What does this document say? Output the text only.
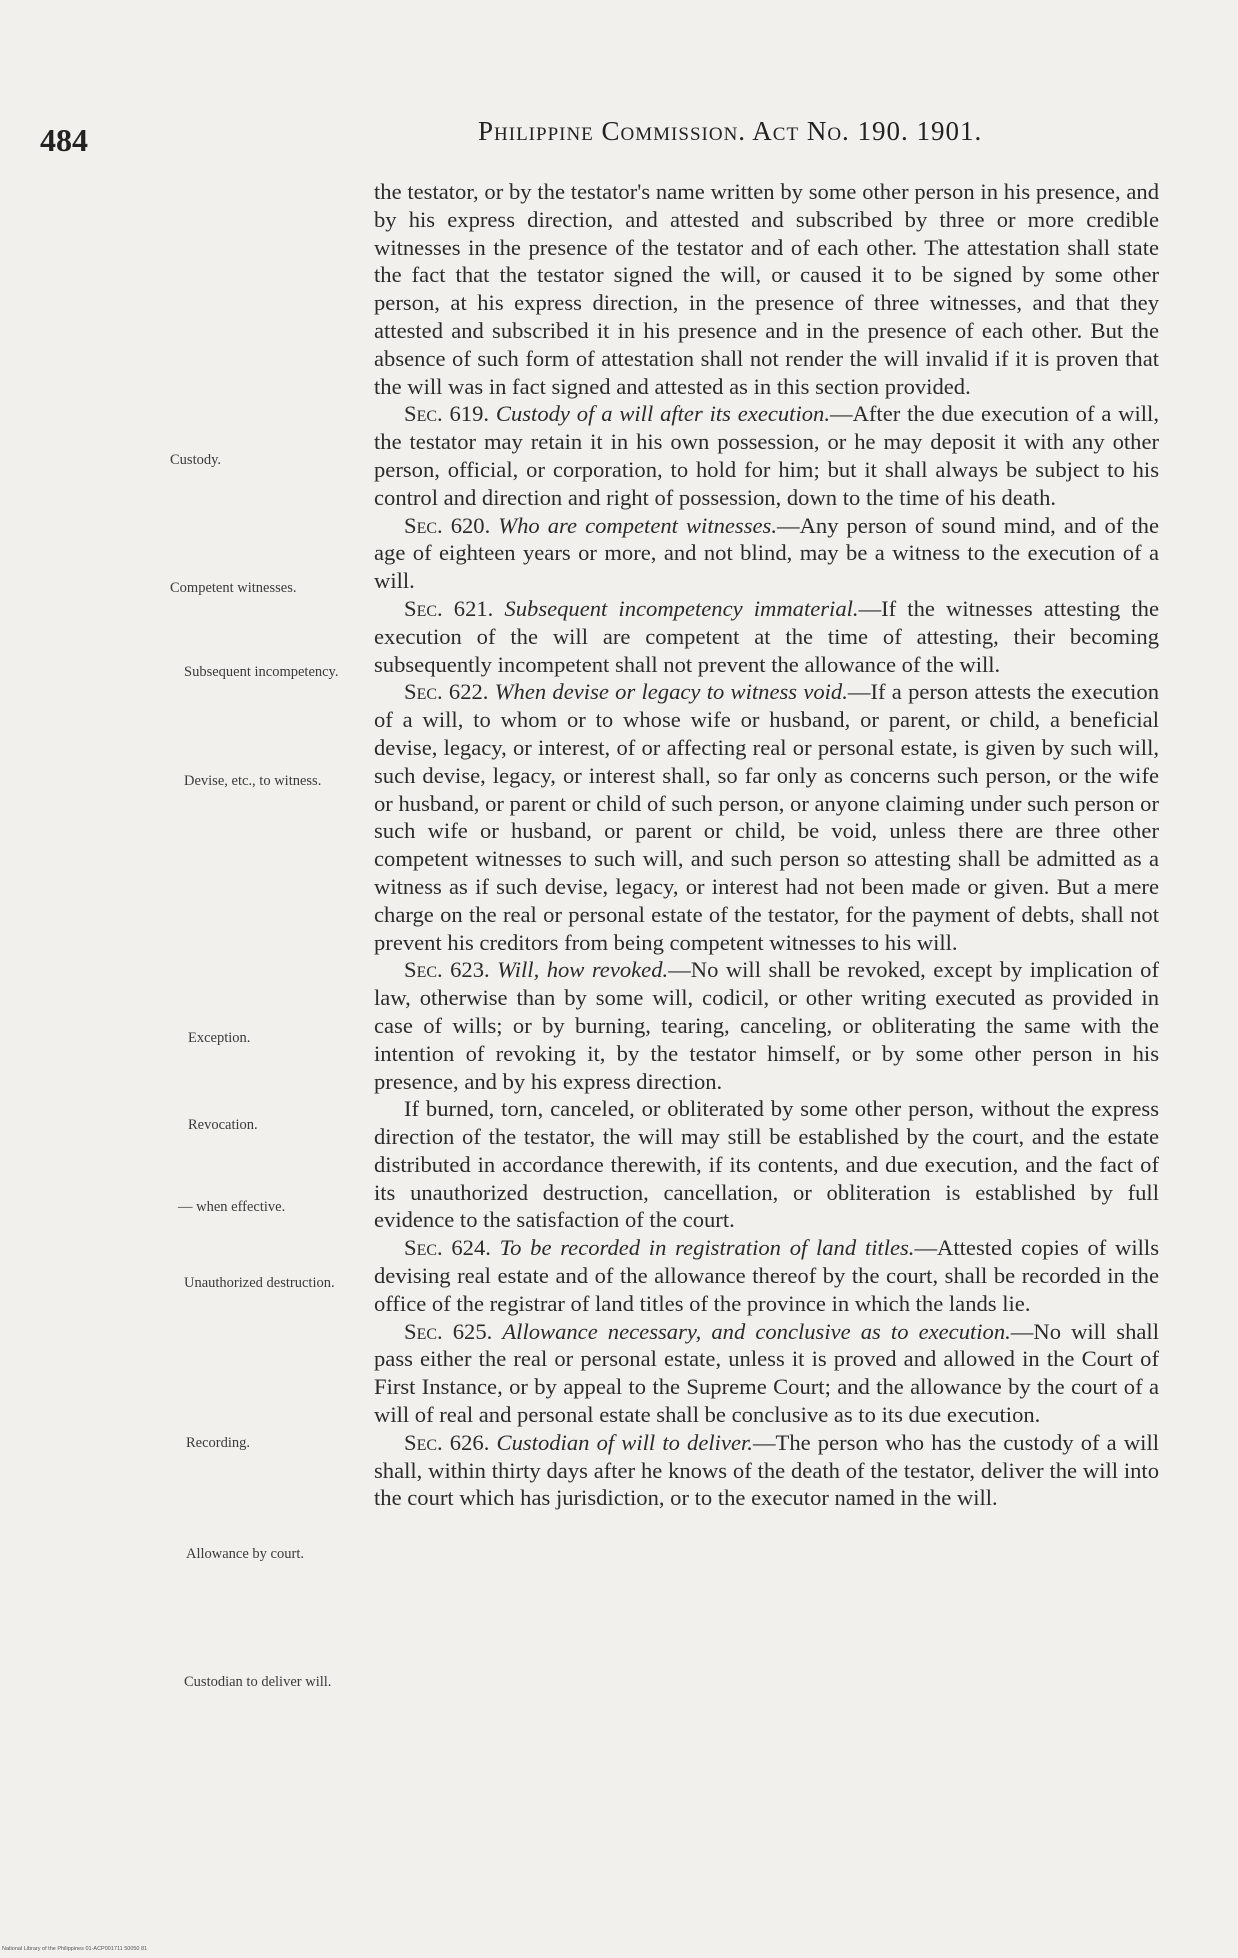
484	Philippine Commission. Act No. 190. 1901.
Custody.
Competent witnesses.
Subsequent incompetency.
Devise, etc., to witness.
Exception.
Revocation.
— when effective.
Unauthorized destruction.
Recording.
Allowance by court.
Custodian to deliver will.

the testator, or by the testator's name written by some other person in his presence, and by his express direction, and attested and subscribed by three or more credible witnesses in the presence of the testator and of each other. The attestation shall state the fact that the testator signed the will, or caused it to be signed by some other person, at his express direction, in the presence of three witnesses, and that they attested and subscribed it in his presence and in the presence of each other. But the absence of such form of attestation shall not render the will invalid if it is proven that the will was in fact signed and attested as in this section provided.

Sec. 619. Custody of a will after its execution.—After the due execution of a will, the testator may retain it in his own possession, or he may deposit it with any other person, official, or corporation, to hold for him; but it shall always be subject to his control and direction and right of possession, down to the time of his death.

Sec. 620. Who are competent witnesses.—Any person of sound mind, and of the age of eighteen years or more, and not blind, may be a witness to the execution of a will.

Sec. 621. Subsequent incompetency immaterial.—If the witnesses attesting the execution of the will are competent at the time of attesting, their becoming subsequently incompetent shall not prevent the allowance of the will.

Sec. 622. When devise or legacy to witness void.—If a person attests the execution of a will, to whom or to whose wife or husband, or parent, or child, a beneficial devise, legacy, or interest, of or affecting real or personal estate, is given by such will, such devise, legacy, or interest shall, so far only as concerns such person, or the wife or husband, or parent or child of such person, or anyone claiming under such person or such wife or husband, or parent or child, be void, unless there are three other competent witnesses to such will, and such person so attesting shall be admitted as a witness as if such devise, legacy, or interest had not been made or given. But a mere charge on the real or personal estate of the testator, for the payment of debts, shall not prevent his creditors from being competent witnesses to his will.

Sec. 623. Will, how revoked.—No will shall be revoked, except by implication of law, otherwise than by some will, codicil, or other writing executed as provided in case of wills; or by burning, tearing, canceling, or obliterating the same with the intention of revoking it, by the testator himself, or by some other person in his presence, and by his express direction.

If burned, torn, canceled, or obliterated by some other person, without the express direction of the testator, the will may still be established by the court, and the estate distributed in accordance therewith, if its contents, and due execution, and the fact of its unauthorized destruction, cancellation, or obliteration is established by full evidence to the satisfaction of the court.

Sec. 624. To be recorded in registration of land titles.—Attested copies of wills devising real estate and of the allowance thereof by the court, shall be recorded in the office of the registrar of land titles of the province in which the lands lie.

Sec. 625. Allowance necessary, and conclusive as to execution.—No will shall pass either the real or personal estate, unless it is proved and allowed in the Court of First Instance, or by appeal to the Supreme Court; and the allowance by the court of a will of real and personal estate shall be conclusive as to its due execution.

Sec. 626. Custodian of will to deliver.—The person who has the custody of a will shall, within thirty days after he knows of the death of the testator, deliver the will into the court which has jurisdiction, or to the executor named in the will.

National Library of the Philippines 01-ACP001711 50050 81
